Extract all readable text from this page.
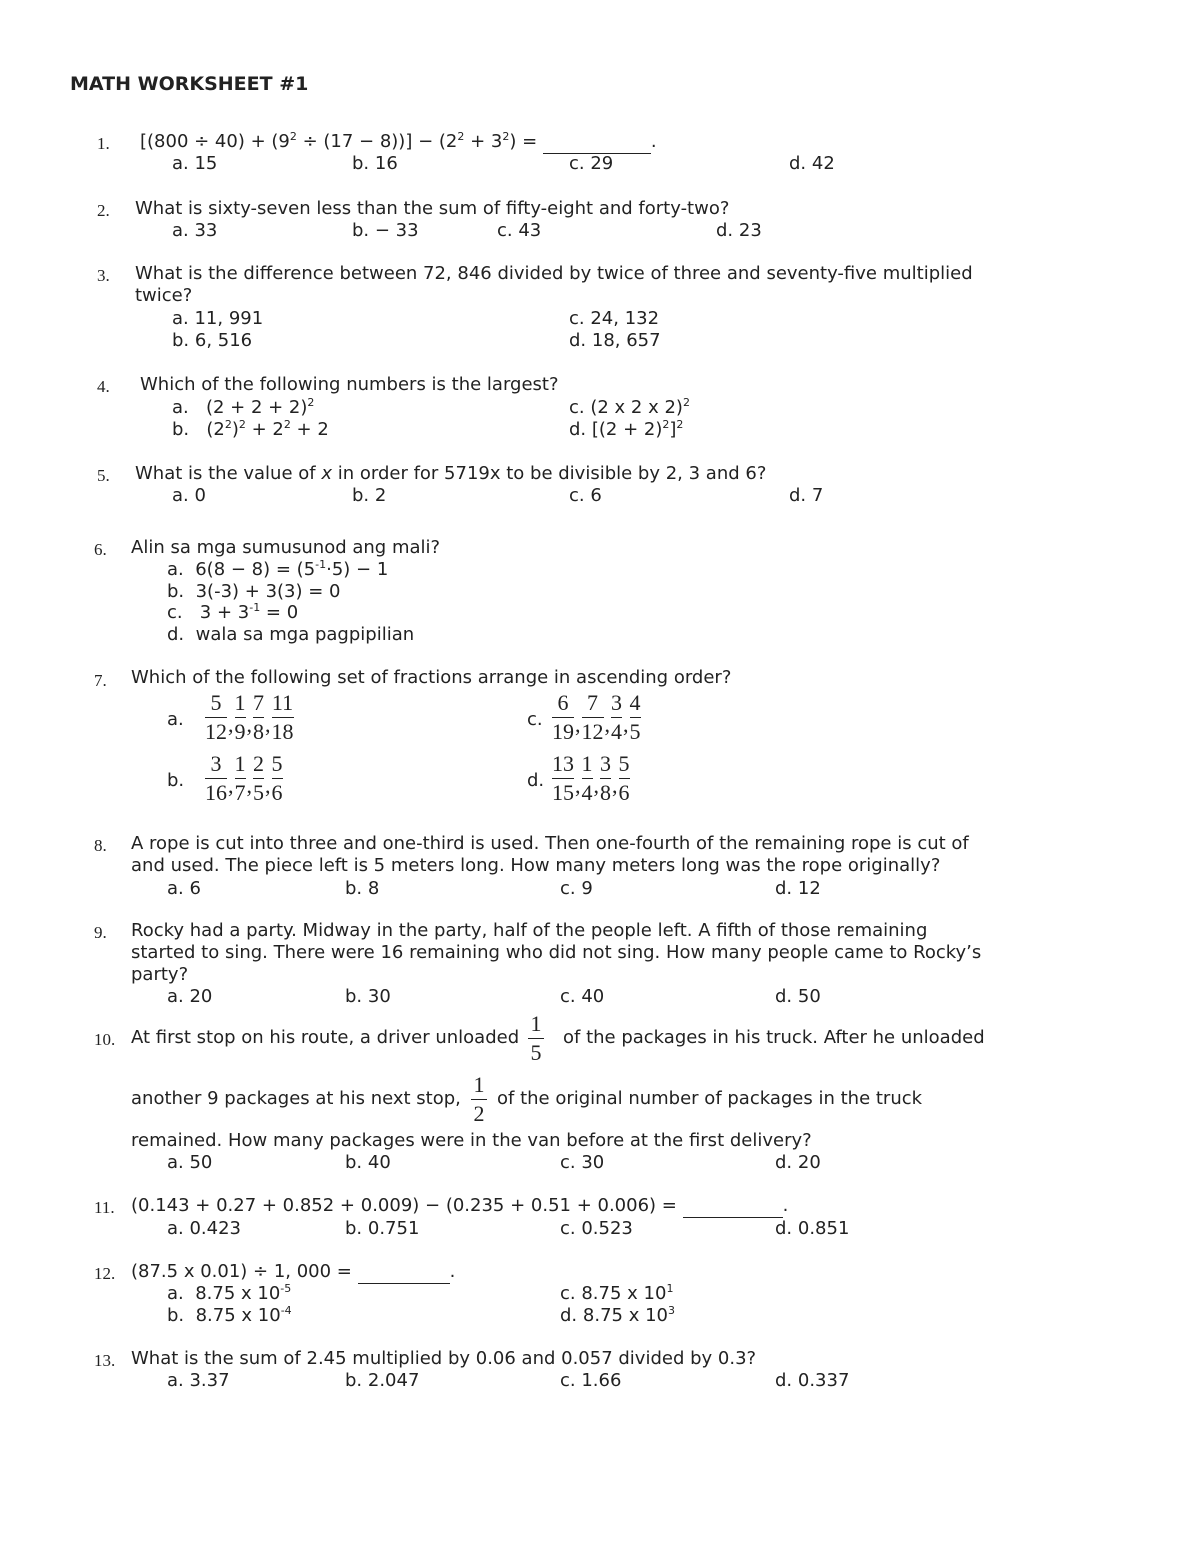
MATH WORKSHEET #1
1. $[(800 \div 40) + (9^2 \div (17 - 8))] - (2^2 + 3^2)$ =	.
a. 15	b. 16	c. 29	d. 42
2. What is sixty-seven less than the sum of fifty-eight and forty-two?
a. 33	b. − 33	c. 43	d. 23
3. What is the difference between 72, 846 divided by twice of three and seventy-five multiplied
twice?
a. 11, 991
b. 6, 516
c. 24, 132
d. 18, 657
4. Which of the following numbers is the largest?
a. $(2 + 2 + 2)^2$
b. $(2^2)^2 + 2^2 + 2$
c. (2 x 2 x 2)$^2$
d. $[(2 + 2)^2]^2$
5. What is the value of x in order for 5719x to be divisible by 2, 3 and 6?
a. 0	b. 2	c. 6	d. 7
6. Alin sa mga sumusunod ang mali?
a. $6(8 - 8) = (5^{-1}\cdot 5) - 1$
b. 3(-3) + 3(3) = 0
c. $3 + 3^{-1} = 0$
d. wala sa mga pagpipilian
7. Which of the following set of fractions arrange in ascending order?
a. $\frac{5}{12}$ , $\frac{1}{9}$ , $\frac{7}{8}$ , $\frac{11}{18}$
b. $\frac{3}{16}$ , $\frac{1}{7}$ , $\frac{2}{5}$ , $\frac{5}{6}$
c. $\frac{6}{19}$ , $\frac{7}{12}$ , $\frac{3}{4}$ , $\frac{4}{5}$
d. $\frac{13}{15}$ , $\frac{1}{4}$ , $\frac{3}{8}$ , $\frac{5}{6}$
8. A rope is cut into three and one-third is used. Then one-fourth of the remaining rope is cut of
and used. The piece left is 5 meters long. How many meters long was the rope originally?
a. 6	b. 8	c. 9	d. 12
9. Rocky had a party. Midway in the party, half of the people left. A fifth of those remaining
started to sing. There were 16 remaining who did not sing. How many people came to Rocky’s
party?
a. 20	b. 30	c. 40	d. 50
10. At first stop on his route, a driver unloaded
1
5
of the packages in his truck. After he unloaded
another 9 packages at his next stop,
1
2
of the original number of packages in the truck
remained. How many packages were in the van before at the first delivery?
a. 50	b. 40	c. 30	d. 20
11. (0.143 + 0.27 + 0.852 + 0.009) − (0.235 + 0.51 + 0.006) =	.
a. 0.423	b. 0.751	c. 0.523	d. 0.851
12. (87.5 x 0.01) ÷ 1, 000 =	.
a. 8.75 x $10^{-5}$
b. 8.75 x $10^{-4}$
c. 8.75 x $10^1$
d. 8.75 x $10^3$
13. What is the sum of 2.45 multiplied by 0.06 and 0.057 divided by 0.3?
a. 3.37	b. 2.047	c. 1.66	d. 0.337
